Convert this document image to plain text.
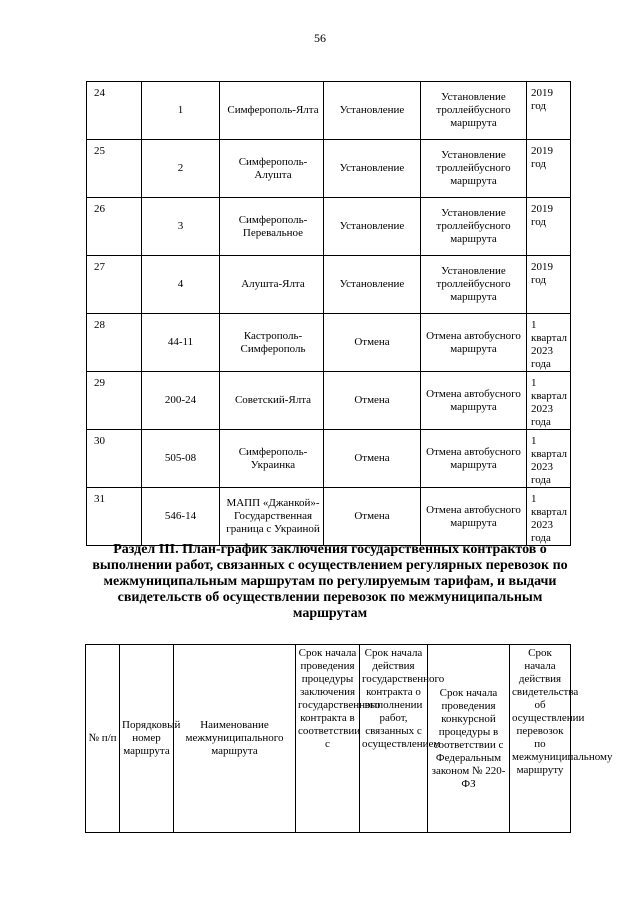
56
24	1	Симферополь-Ялта	Установление	Установление троллейбусного маршрута	2019 год
25	2	Симферополь-Алушта	Установление	Установление троллейбусного маршрута	2019 год
26	3	Симферополь-Перевальное	Установление	Установление троллейбусного маршрута	2019 год
27	4	Алушта-Ялта	Установление	Установление троллейбусного маршрута	2019 год
28	44-11	Кастрополь-Симферополь	Отмена	Отмена автобусного маршрута	1 квартал 2023 года
29	200-24	Советский-Ялта	Отмена	Отмена автобусного маршрута	1 квартал 2023 года
30	505-08	Симферополь-Украинка	Отмена	Отмена автобусного маршрута	1 квартал 2023 года
31	546-14	МАПП «Джанкой»-Государственная граница с Украиной	Отмена	Отмена автобусного маршрута	1 квартал 2023 года
Раздел III. План-график заключения государственных контрактов о выполнении работ, связанных с осуществлением регулярных перевозок по межмуниципальным маршрутам по регулируемым тарифам, и выдачи свидетельств об осуществлении перевозок по межмуниципальным маршрутам
№ п/п	Порядковый номер маршрута	Наименование межмуниципального маршрута	Срок начала проведения процедуры заключения государственного контракта в соответствии с	Срок начала действия государственного контракта о выполнении работ, связанных с осуществлением	Срок начала проведения конкурсной процедуры в соответствии с Федеральным законом № 220-ФЗ	Срок начала действия свидетельства об осуществлении перевозок по межмуниципальному маршруту
